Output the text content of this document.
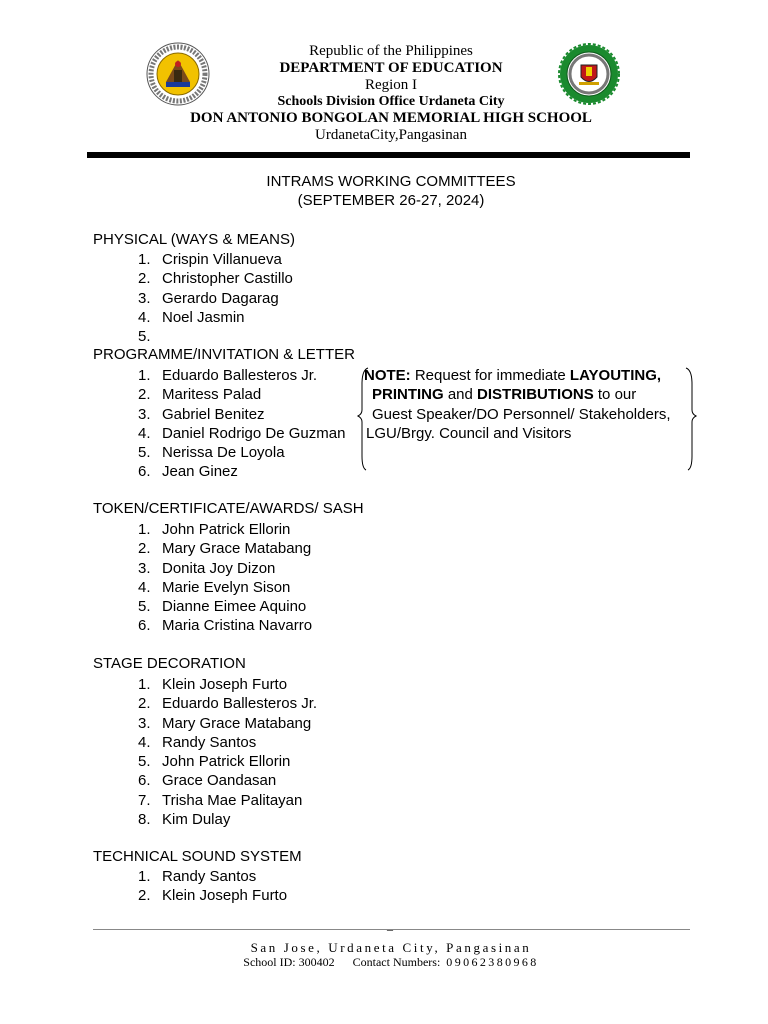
Republic of the Philippines
DEPARTMENT OF EDUCATION
Region I
Schools Division Office Urdaneta City
DON ANTONIO BONGOLAN MEMORIAL HIGH SCHOOL
UrdanetaCity,Pangasinan
INTRAMS WORKING COMMITTEES
(SEPTEMBER 26-27, 2024)
PHYSICAL (WAYS & MEANS)
1. Crispin Villanueva
2. Christopher Castillo
3. Gerardo Dagarag
4. Noel Jasmin
5.
PROGRAMME/INVITATION & LETTER
1. Eduardo Ballesteros Jr.
2. Maritess Palad
3. Gabriel Benitez
4. Daniel Rodrigo De Guzman
5. Nerissa De Loyola
6. Jean Ginez
NOTE: Request for immediate LAYOUTING,
PRINTING and DISTRIBUTIONS to our
Guest Speaker/DO Personnel/ Stakeholders,
LGU/Brgy. Council and Visitors
TOKEN/CERTIFICATE/AWARDS/ SASH
1. John Patrick Ellorin
2. Mary Grace Matabang
3. Donita Joy Dizon
4. Marie Evelyn Sison
5. Dianne Eimee Aquino
6. Maria Cristina Navarro
STAGE DECORATION
1. Klein Joseph Furto
2. Eduardo Ballesteros Jr.
3. Mary Grace Matabang
4. Randy Santos
5. John Patrick Ellorin
6. Grace Oandasan
7. Trisha Mae Palitayan
8. Kim Dulay
TECHNICAL SOUND SYSTEM
1. Randy Santos
2. Klein Joseph Furto
_
San Jose, Urdaneta City, Pangasinan
School ID: 300402 Contact Numbers: 09062380968
